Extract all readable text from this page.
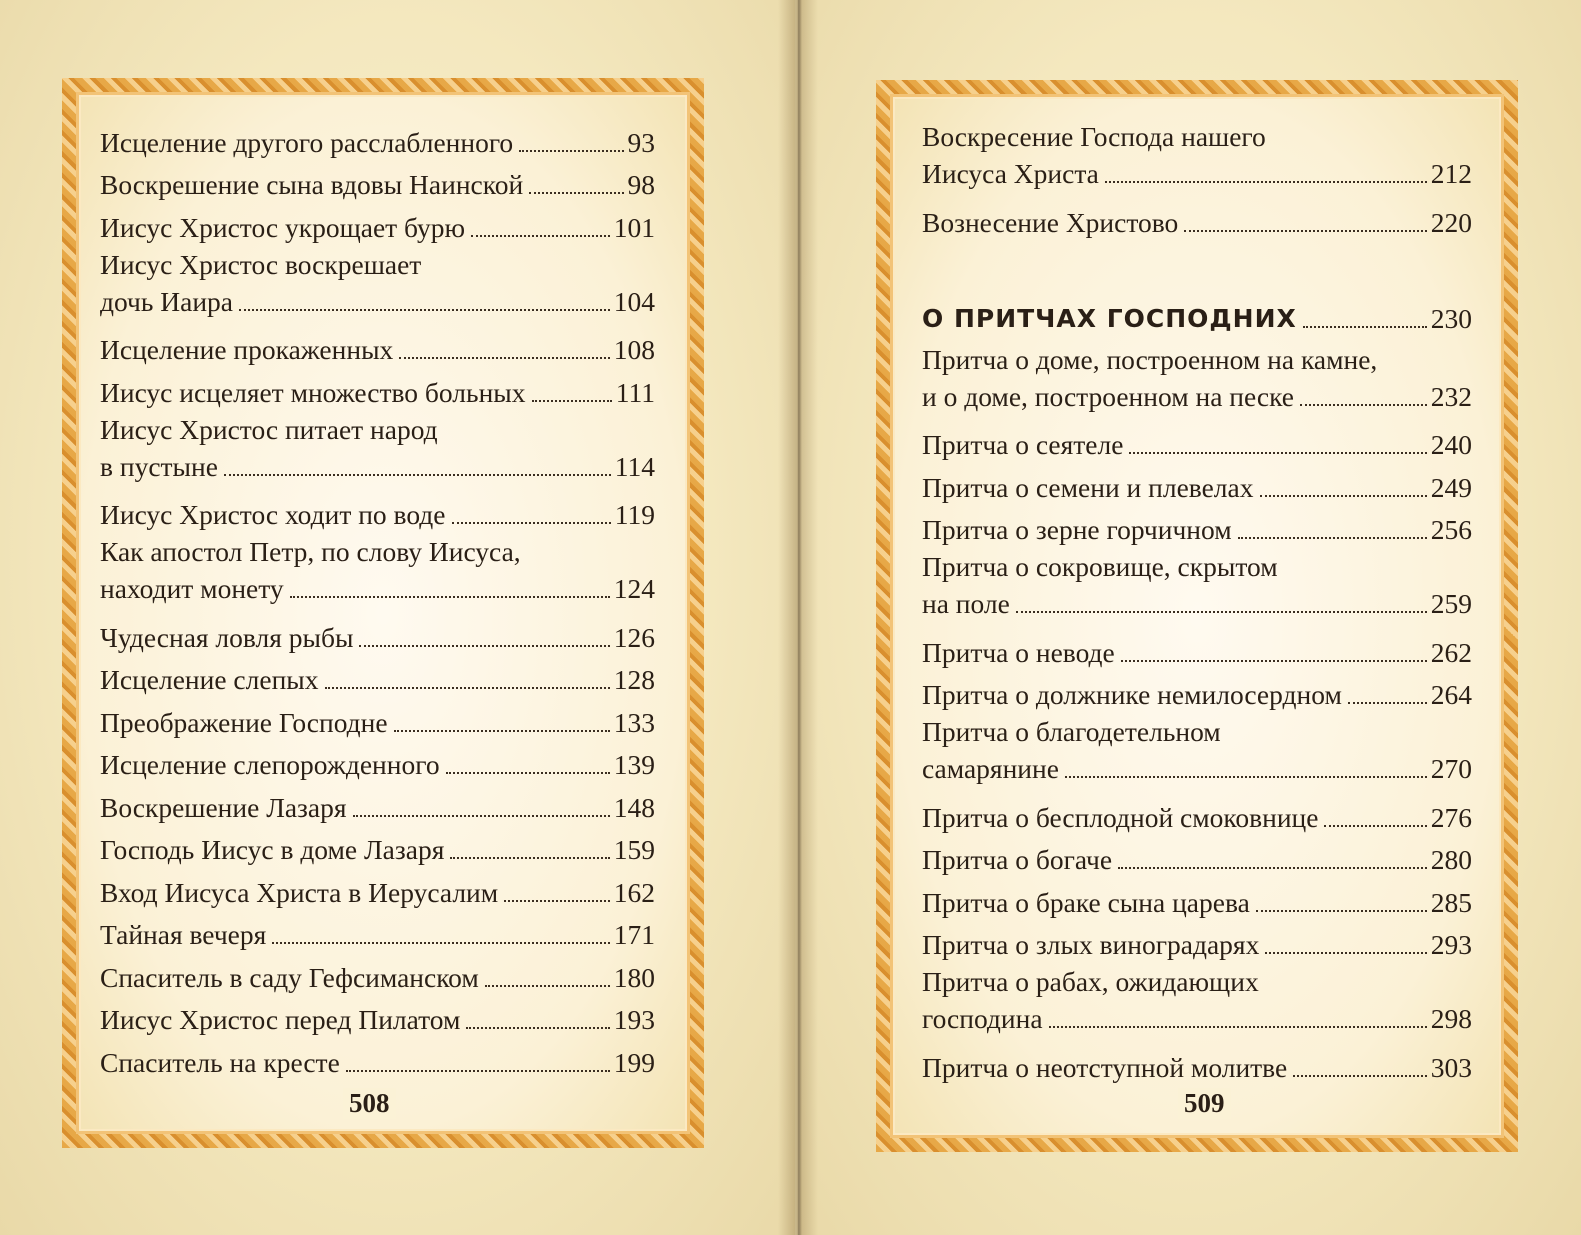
Исцеление другого расслабленного	93
Воскрешение сына вдовы Наинской	98
Иисус Христос укрощает бурю	101
Иисус Христос воскрешает
дочь Иаира	104
Исцеление прокаженных	108
Иисус исцеляет множество больных	111
Иисус Христос питает народ
в пустыне	114
Иисус Христос ходит по воде	119
Как апостол Петр, по слову Иисуса,
находит монету	124
Чудесная ловля рыбы	126
Исцеление слепых	128
Преображение Господне	133
Исцеление слепорожденного	139
Воскрешение Лазаря	148
Господь Иисус в доме Лазаря	159
Вход Иисуса Христа в Иерусалим	162
Тайная вечеря	171
Спаситель в саду Гефсиманском	180
Иисус Христос перед Пилатом	193
Спаситель на кресте	199
Воскресение Господа нашего
Иисуса Христа	212
Вознесение Христово	220
О ПРИТЧАХ ГОСПОДНИХ	230
Притча о доме, построенном на камне,
и о доме, построенном на песке	232
Притча о сеятеле	240
Притча о семени и плевелах	249
Притча о зерне горчичном	256
Притча о сокровище, скрытом
на поле	259
Притча о неводе	262
Притча о должнике немилосердном	264
Притча о благодетельном
самарянине	270
Притча о бесплодной смоковнице	276
Притча о богаче	280
Притча о браке сына царева	285
Притча о злых виноградарях	293
Притча о рабах, ожидающих
господина	298
Притча о неотступной молитве	303
508	509
